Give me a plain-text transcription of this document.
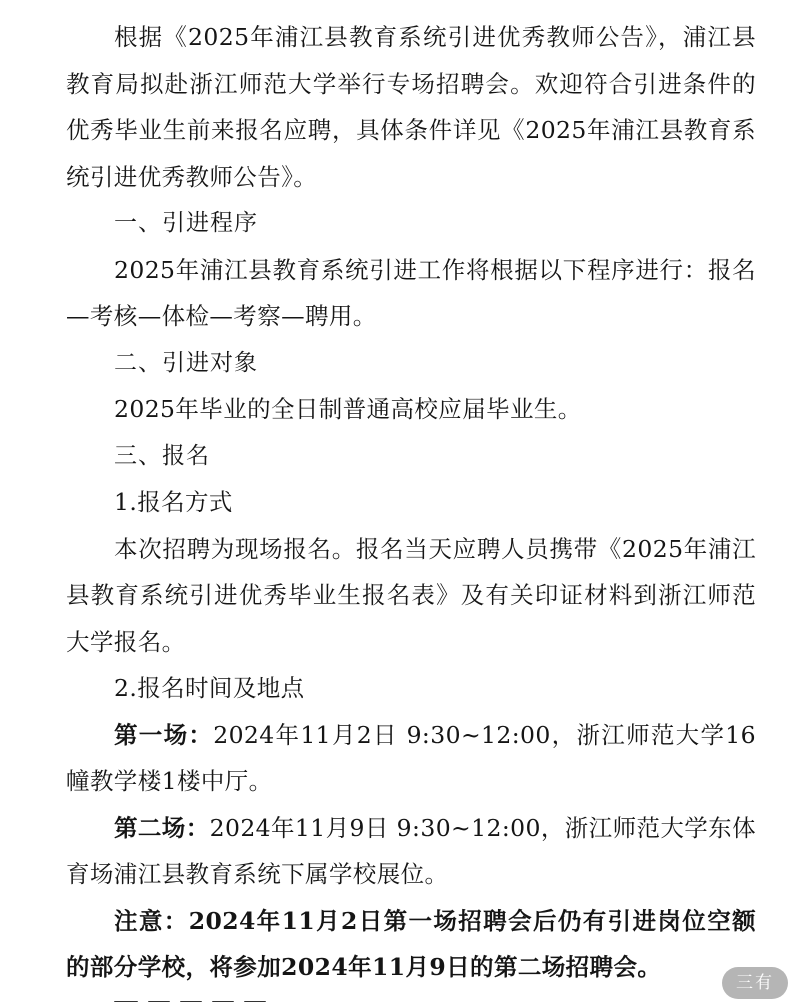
根据《2025年浦江县教育系统引进优秀教师公告》，浦江县教育局拟赴浙江师范大学举行专场招聘会。欢迎符合引进条件的优秀毕业生前来报名应聘，具体条件详见《2025年浦江县教育系统引进优秀教师公告》。

一、引进程序

2025年浦江县教育系统引进工作将根据以下程序进行：报名—考核—体检—考察—聘用。

二、引进对象

2025年毕业的全日制普通高校应届毕业生。

三、报名

1.报名方式

本次招聘为现场报名。报名当天应聘人员携带《2025年浦江县教育系统引进优秀毕业生报名表》及有关印证材料到浙江师范大学报名。

2.报名时间及地点

第一场：2024年11月2日 9:30~12:00，浙江师范大学16幢教学楼1楼中厅。

第二场：2024年11月9日 9:30~12:00，浙江师范大学东体育场浦江县教育系统下属学校展位。

注意：2024年11月2日第一场招聘会后仍有引进岗位空额的部分学校，将参加2024年11月9日的第二场招聘会。

三有
